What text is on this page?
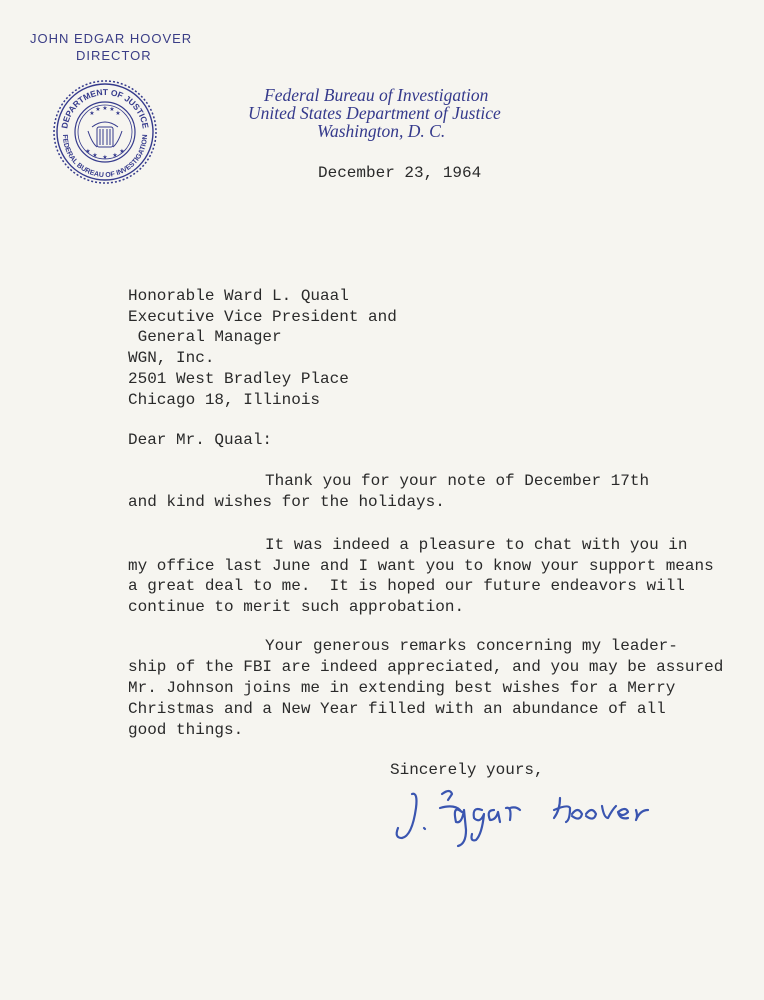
JOHN EDGAR HOOVER
DIRECTOR
DEPARTMENT OF JUSTICE
FEDERAL BUREAU OF INVESTIGATION
★
★ ★ ★
★
★
★ ★ ★
★
Federal Bureau of Investigation
United States Department of Justice
Washington, D. C.
December 23, 1964
Honorable Ward L. Quaal
Executive Vice President and
General Manager
WGN, Inc.
2501 West Bradley Place
Chicago 18, Illinois
Dear Mr. Quaal:
Thank you for your note of December 17th
and kind wishes for the holidays.
It was indeed a pleasure to chat with you in
my office last June and I want you to know your support means
a great deal to me.  It is hoped our future endeavors will
continue to merit such approbation.
Your generous remarks concerning my leader-
ship of the FBI are indeed appreciated, and you may be assured
Mr. Johnson joins me in extending best wishes for a Merry
Christmas and a New Year filled with an abundance of all
good things.
Sincerely yours,
